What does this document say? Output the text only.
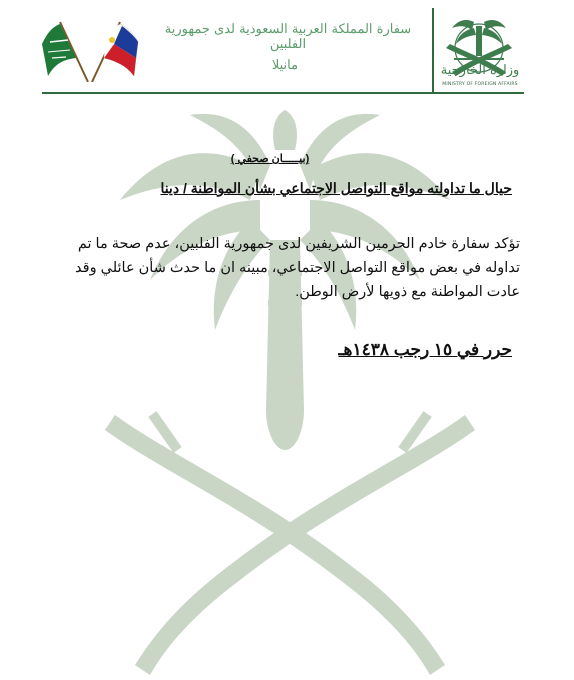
وزارة الخارجية
MINISTRY OF FOREIGN AFFAIRS
سفارة المملكة العربية السعودية لدى جمهورية الفلبين
مانيلا
(بيـــــان صحفي )
حيال ما تداولته مواقع التواصل الاجتماعي بشأن المواطنة / دينا
تؤكد سفارة خادم الحرمين الشريفين لدى جمهورية الفلبين، عدم صحة ما تم تداوله في بعض مواقع التواصل الاجتماعي، مبينه ان ما حدث شأن عائلي وقد عادت المواطنة مع ذويها لأرض الوطن.
حرر في ١٥ رجب ١٤٣٨هـ
